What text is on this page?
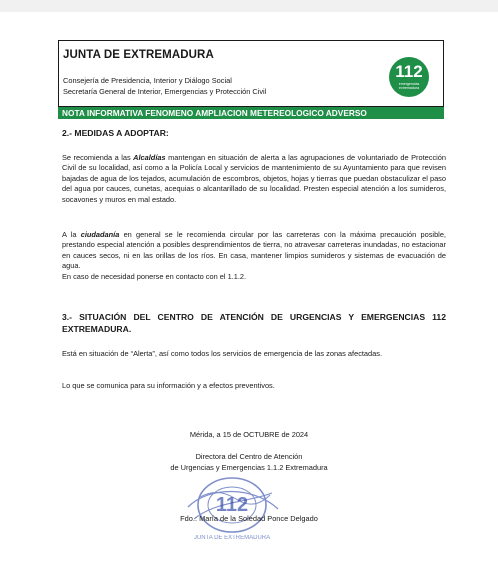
JUNTA DE EXTREMADURA
Consejería de Presidencia, Interior y Diálogo Social
Secretaría General de Interior, Emergencias y Protección Civil
112
emergencias extremadura
NOTA INFORMATIVA FENOMENO AMPLIACION METEREOLOGICO ADVERSO
2.- MEDIDAS A ADOPTAR:

Se recomienda a las Alcaldías mantengan en situación de alerta a las agrupaciones de voluntariado de Protección Civil de su localidad, así como a la Policía Local y servicios de mantenimiento de su Ayuntamiento para que revisen bajadas de agua de los tejados, acumulación de escombros, objetos, hojas y tierras que puedan obstaculizar el paso del agua por cauces, cunetas, acequias o alcantarillado de su localidad. Presten especial atención a los sumideros, socavones y muros en mal estado.

A la ciudadanía en general se le recomienda circular por las carreteras con la máxima precaución posible, prestando especial atención a posibles desprendimientos de tierra, no atravesar carreteras inundadas, no estacionar en cauces secos, ni en las orillas de los ríos. En casa, mantener limpios sumideros y sistemas de evacuación de agua.
En caso de necesidad ponerse en contacto con el 1.1.2.

3.- SITUACIÓN DEL CENTRO DE ATENCIÓN DE URGENCIAS Y EMERGENCIAS 112 EXTREMADURA.

Está en situación de “Alerta”, así como todos los servicios de emergencia de las zonas afectadas.

Lo que se comunica para su información y a efectos preventivos.

Mérida, a 15 de OCTUBRE de 2024
Directora del Centro de Atención
de Urgencias y Emergencias 1.1.2 Extremadura
112
JUNTA DE EXTREMADURA
Fdo.: María de la Soledad Ponce Delgado
